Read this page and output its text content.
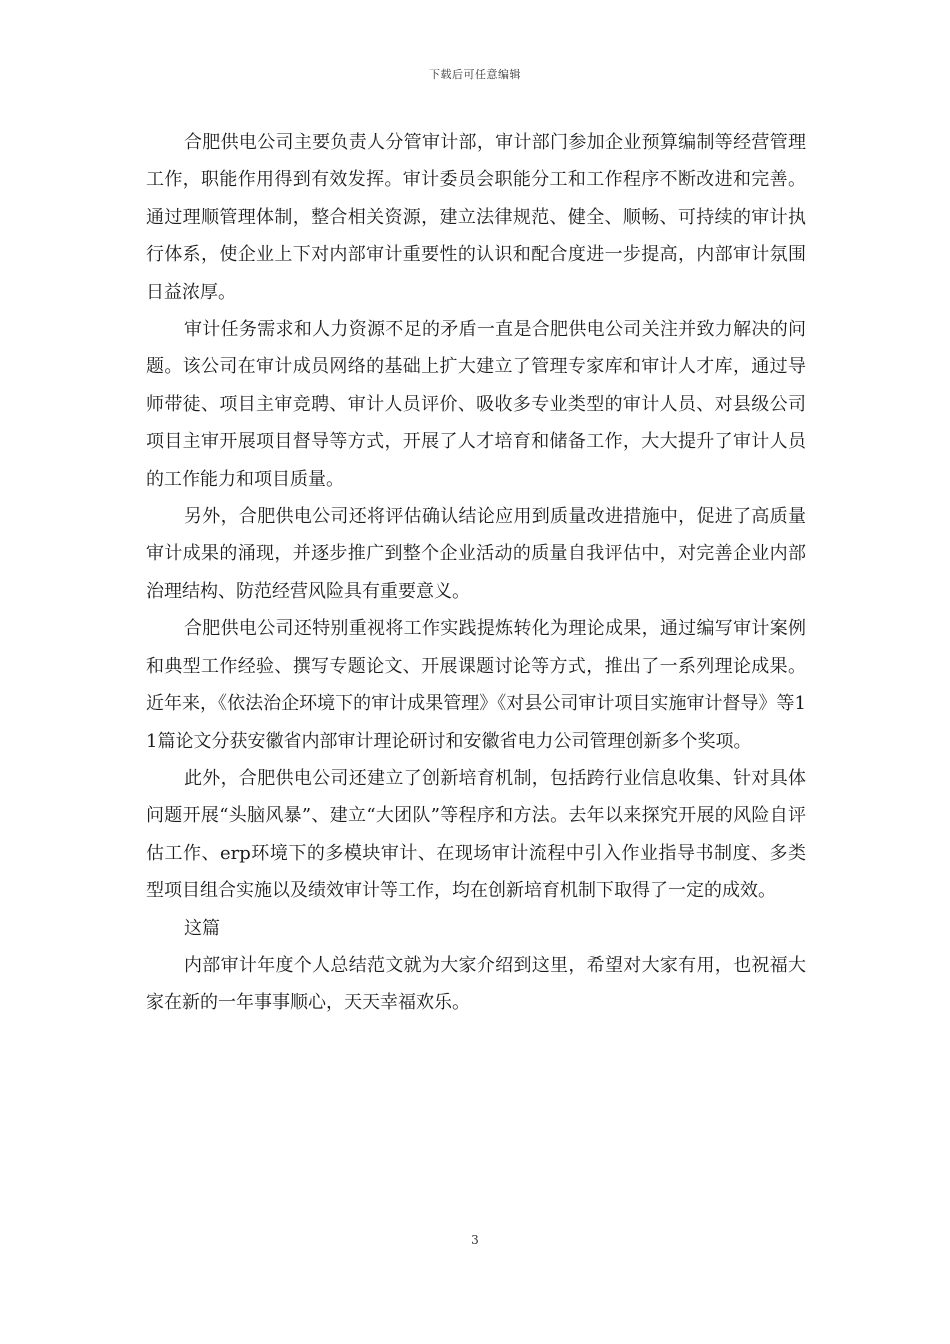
下载后可任意编辑

合肥供电公司主要负责人分管审计部，审计部门参加企业预算编制等经营管理工作，职能作用得到有效发挥。审计委员会职能分工和工作程序不断改进和完善。通过理顺管理体制，整合相关资源，建立法律规范、健全、顺畅、可持续的审计执行体系，使企业上下对内部审计重要性的认识和配合度进一步提高，内部审计氛围日益浓厚。

审计任务需求和人力资源不足的矛盾一直是合肥供电公司关注并致力解决的问题。该公司在审计成员网络的基础上扩大建立了管理专家库和审计人才库，通过导师带徒、项目主审竞聘、审计人员评价、吸收多专业类型的审计人员、对县级公司项目主审开展项目督导等方式，开展了人才培育和储备工作，大大提升了审计人员的工作能力和项目质量。

另外，合肥供电公司还将评估确认结论应用到质量改进措施中，促进了高质量审计成果的涌现，并逐步推广到整个企业活动的质量自我评估中，对完善企业内部治理结构、防范经营风险具有重要意义。

合肥供电公司还特别重视将工作实践提炼转化为理论成果，通过编写审计案例和典型工作经验、撰写专题论文、开展课题讨论等方式，推出了一系列理论成果。近年来，《依法治企环境下的审计成果管理》《对县公司审计项目实施审计督导》等11篇论文分获安徽省内部审计理论研讨和安徽省电力公司管理创新多个奖项。

此外，合肥供电公司还建立了创新培育机制，包括跨行业信息收集、针对具体问题开展“头脑风暴”、建立“大团队”等程序和方法。去年以来探究开展的风险自评估工作、erp环境下的多模块审计、在现场审计流程中引入作业指导书制度、多类型项目组合实施以及绩效审计等工作，均在创新培育机制下取得了一定的成效。

这篇

内部审计年度个人总结范文就为大家介绍到这里，希望对大家有用，也祝福大家在新的一年事事顺心，天天幸福欢乐。

3
